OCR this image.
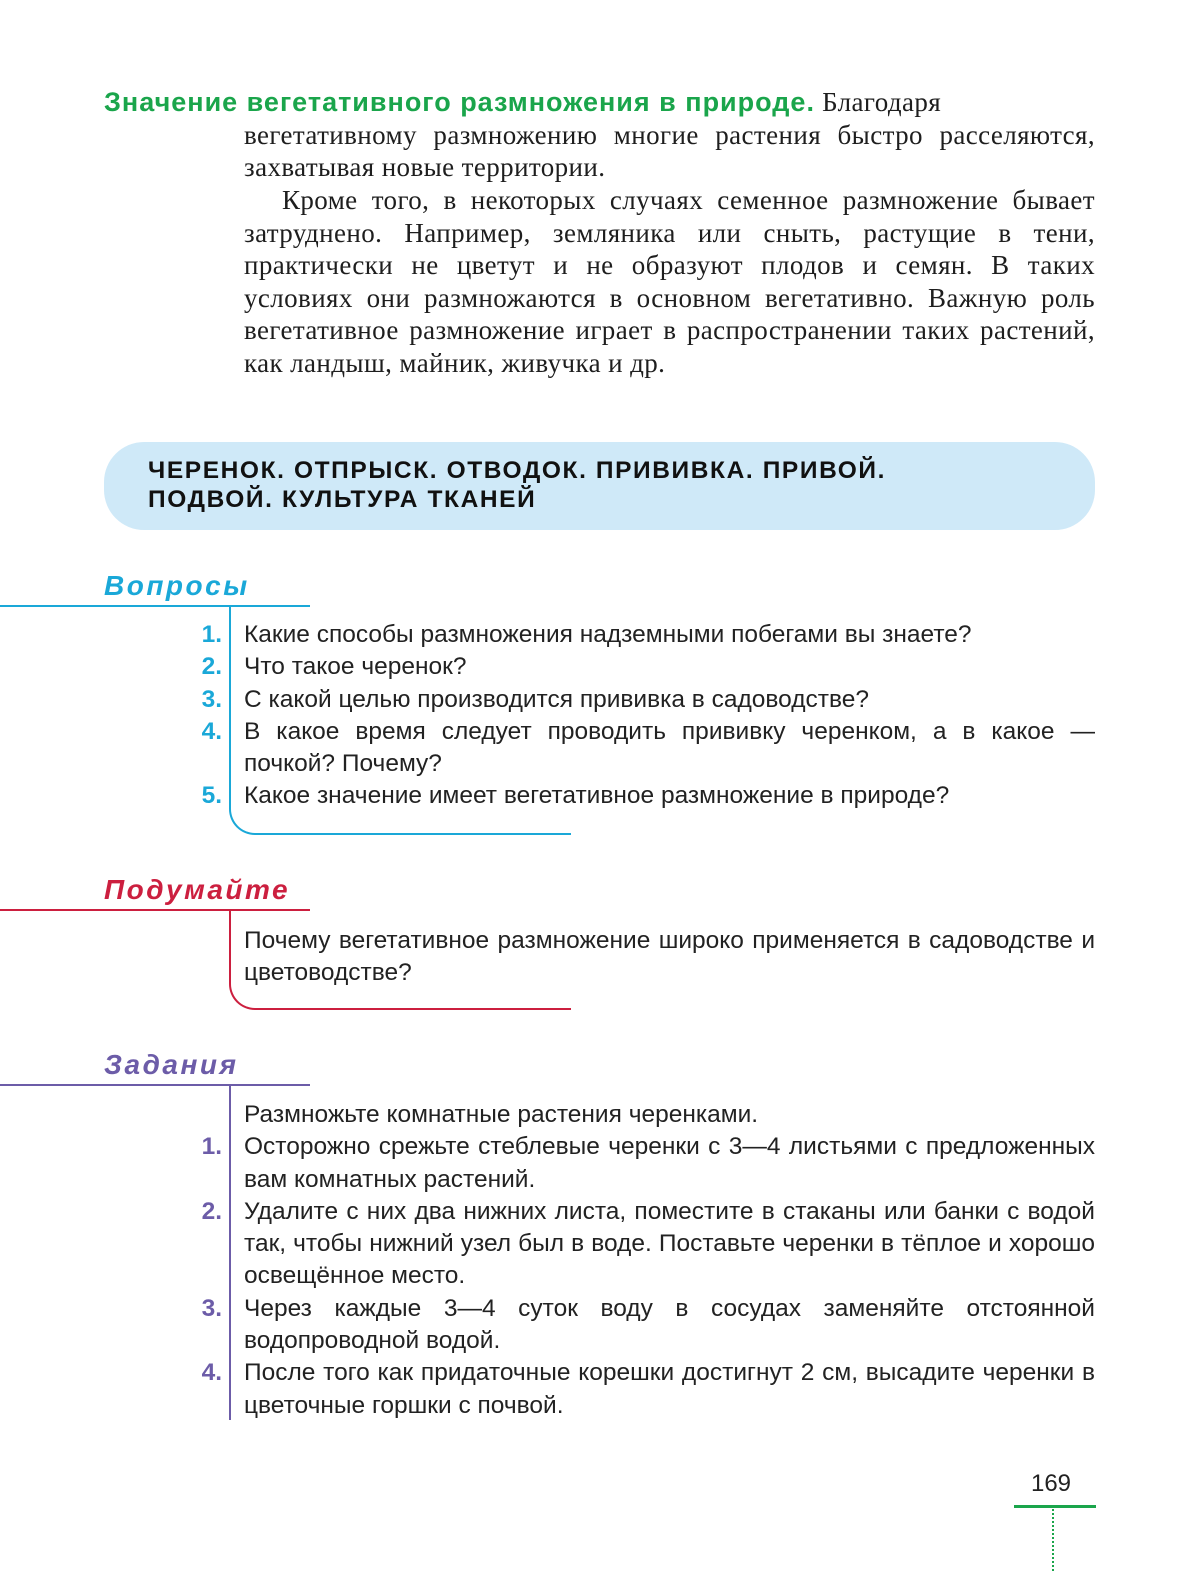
Значение вегетативного размножения в природе. Благодаря
вегетативному размножению многие растения быстро расселяются, захватывая новые территории.
Кроме того, в некоторых случаях семенное размножение бывает затруднено. Например, земляника или сныть, растущие в тени, практически не цветут и не образуют плодов и семян. В таких условиях они размножаются в основном вегетативно. Важную роль вегетативное размножение играет в распространении таких растений, как ландыш, майник, живучка и др.
ЧЕРЕНОК. ОТПРЫСК. ОТВОДОК. ПРИВИВКА. ПРИВОЙ.
ПОДВОЙ. КУЛЬТУРА ТКАНЕЙ
Вопросы
1. Какие способы размножения надземными побегами вы знаете?
2. Что такое черенок?
3. С какой целью производится прививка в садоводстве?
4. В какое время следует проводить прививку черенком, а в какое — почкой? Почему?
5. Какое значение имеет вегетативное размножение в природе?
Подумайте
Почему вегетативное размножение широко применяется в садоводстве и цветоводстве?
Задания
Размножьте комнатные растения черенками.
1. Осторожно срежьте стеблевые черенки с 3—4 листьями с предложенных вам комнатных растений.
2. Удалите с них два нижних листа, поместите в стаканы или банки с водой так, чтобы нижний узел был в воде. Поставьте черенки в тёплое и хорошо освещённое место.
3. Через каждые 3—4 суток воду в сосудах заменяйте отстоянной водопроводной водой.
4. После того как придаточные корешки достигнут 2 см, высадите черенки в цветочные горшки с почвой.
169
